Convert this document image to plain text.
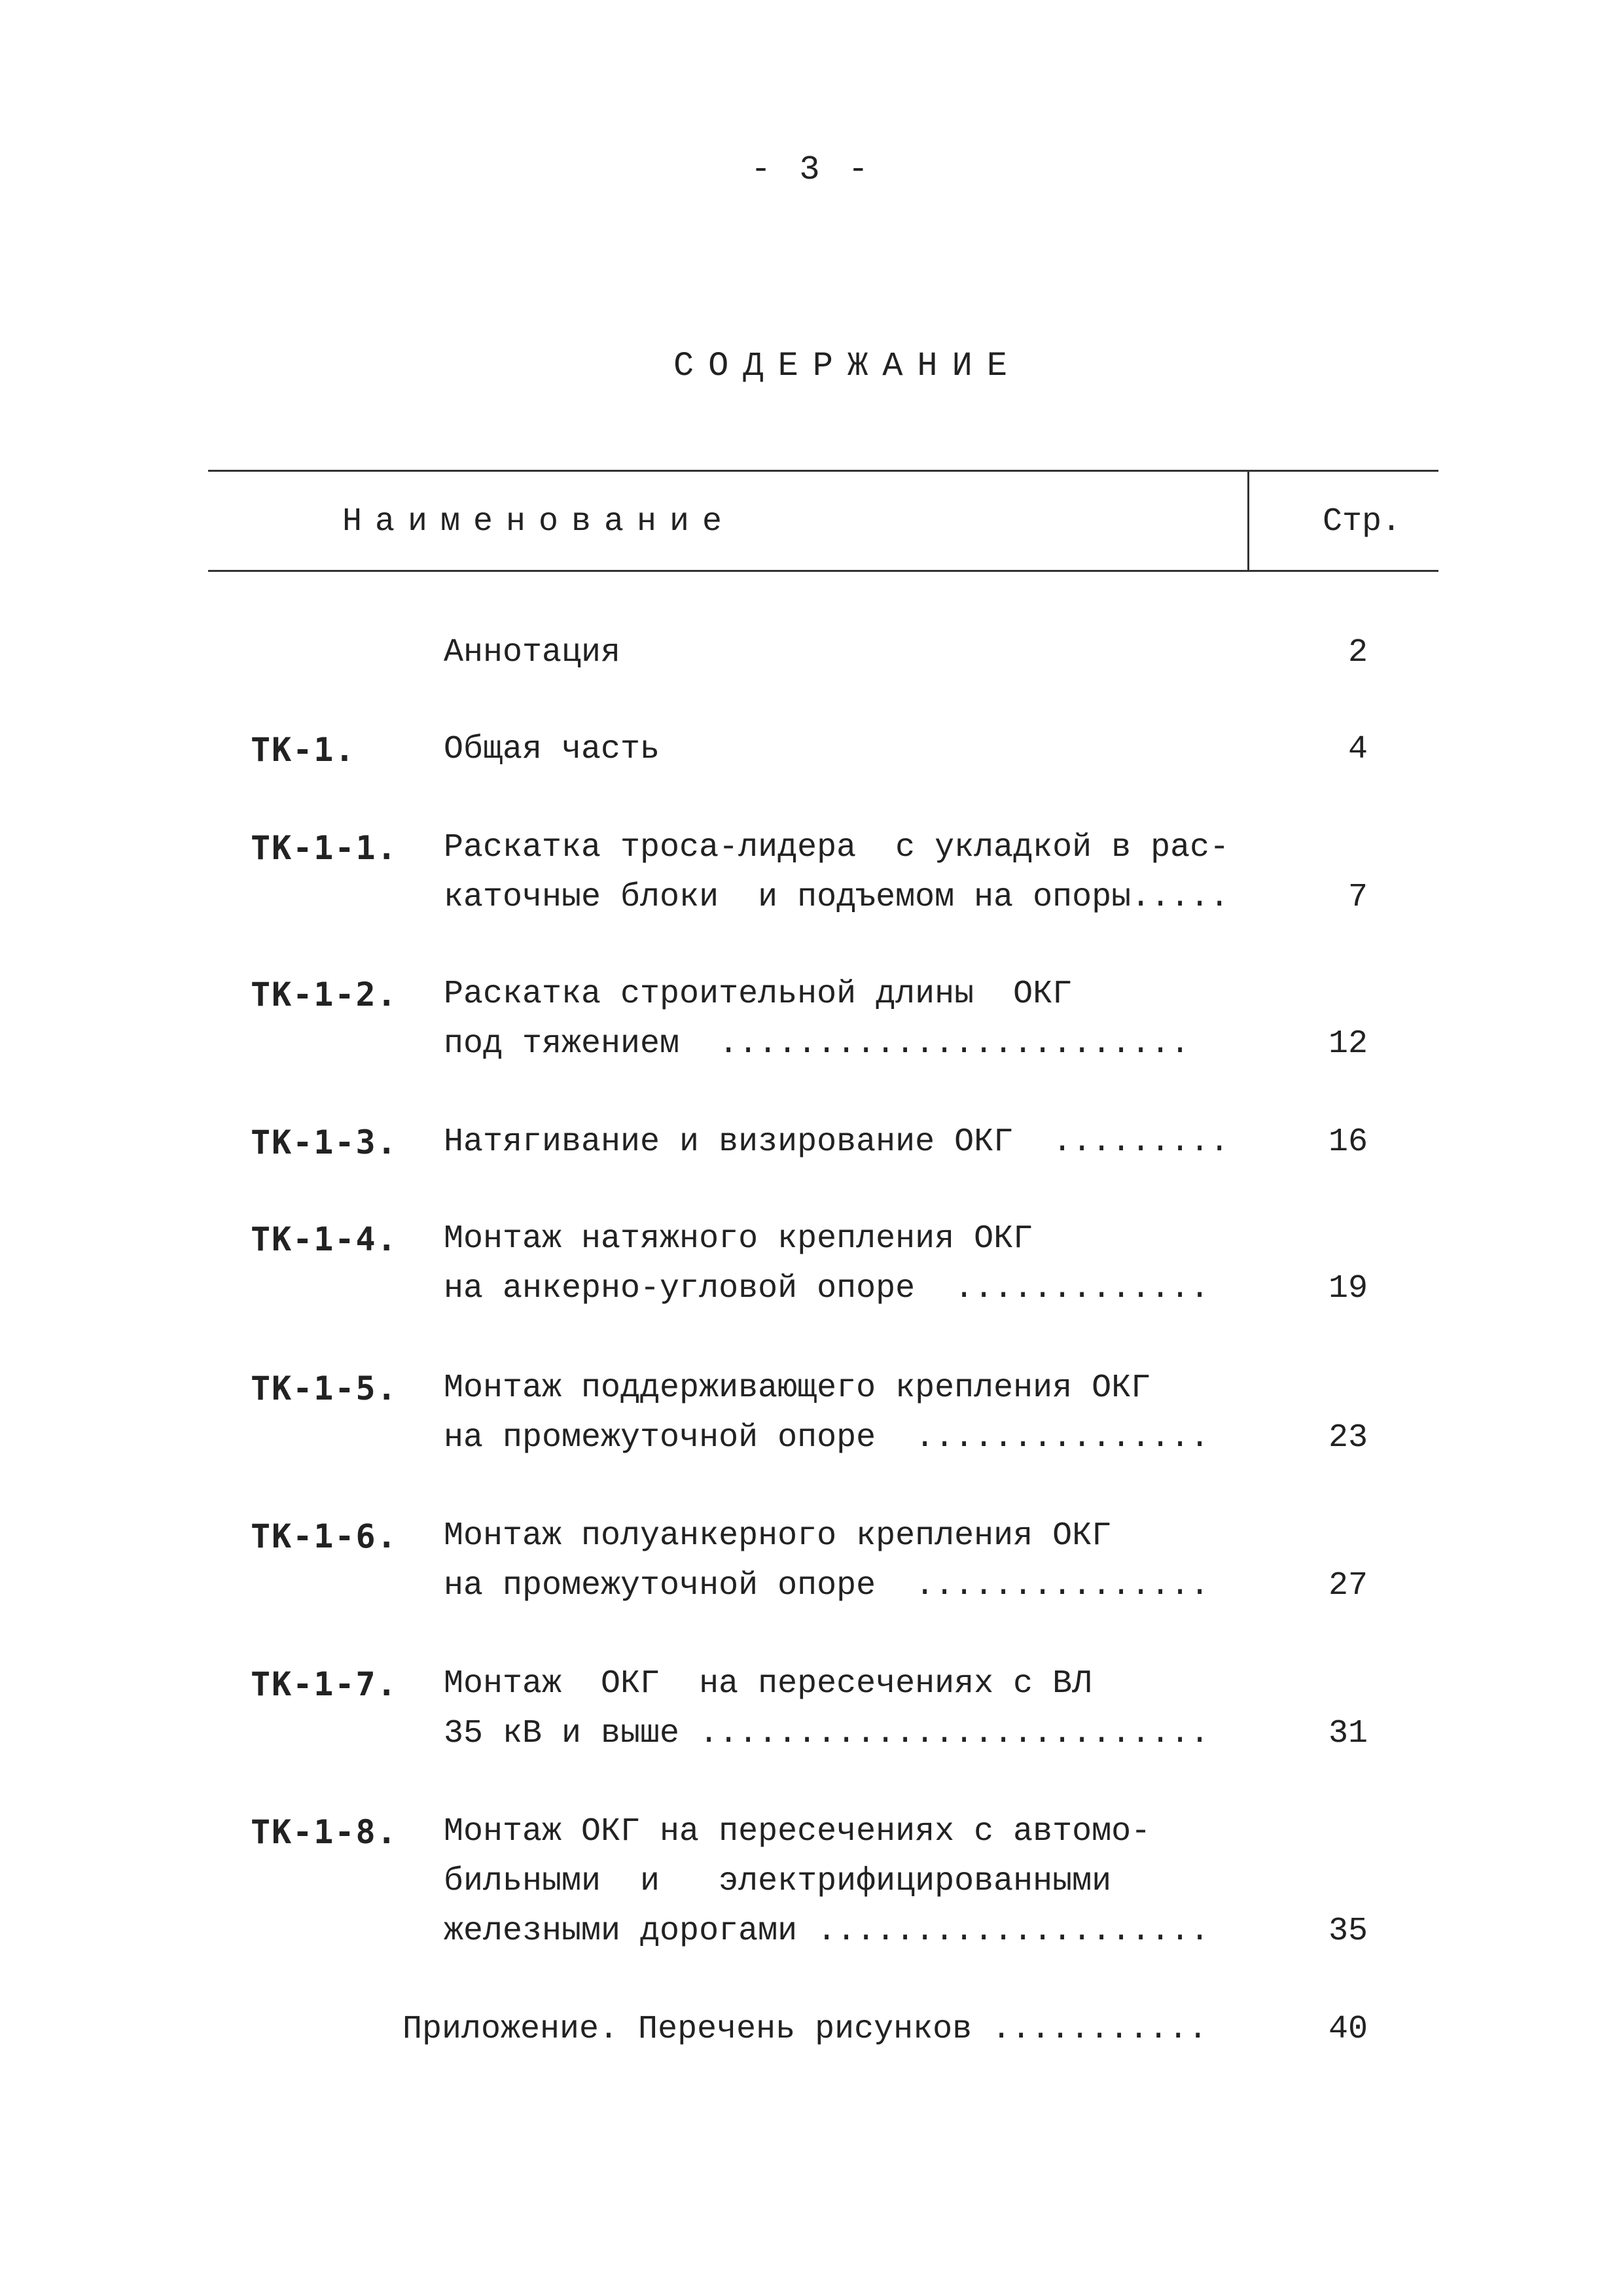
- 3 -
СОДЕРЖАНИЕ
Наименование	Стр.
Аннотация	2
ТК-1.	Общая часть	4
ТК-1-1. Раскатка троса-лидера  с укладкой в рас-
каточные блоки  и подъемом на опоры.....	7
ТК-1-2. Раскатка строительной длины  ОКГ
под тяжением  ........................	12
ТК-1-3. Натягивание и визирование ОКГ  .........	16
ТК-1-4. Монтаж натяжного крепления ОКГ
на анкерно-угловой опоре  .............	19
ТК-1-5. Монтаж поддерживающего крепления ОКГ
на промежуточной опоре  ...............	23
ТК-1-6. Монтаж полуанкерного крепления ОКГ
на промежуточной опоре  ...............	27
ТК-1-7. Монтаж  ОКГ  на пересечениях с ВЛ
35 кВ и выше ..........................	31
ТК-1-8. Монтаж ОКГ на пересечениях с автомо-
бильными  и   электрифицированными
железными дорогами ....................	35
Приложение. Перечень рисунков ...........	40
